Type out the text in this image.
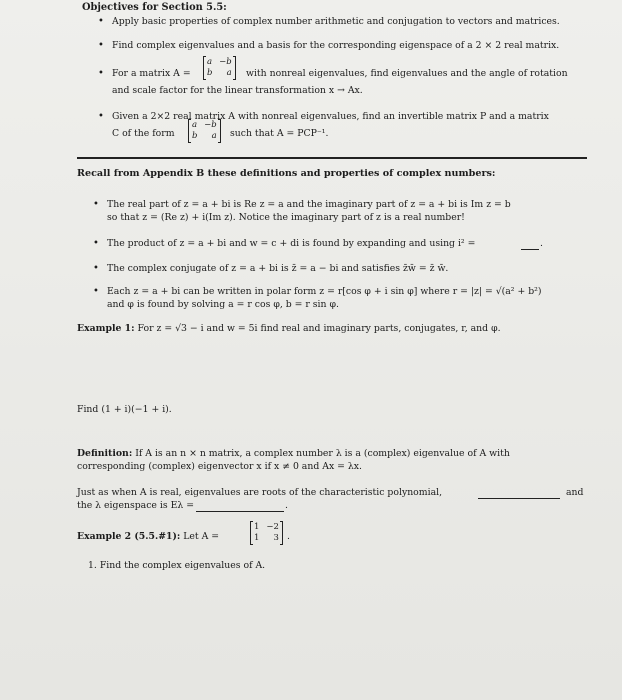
Objectives for Section 5.5:
• Apply basic properties of complex number arithmetic and conjugation to vectors and matrices.
• Find complex eigenvalues and a basis for the corresponding eigenspace of a 2 × 2 real matrix.
• For a matrix A =
a −b
b a with nonreal eigenvalues, find eigenvalues and the angle of rotation
and scale factor for the linear transformation x → Ax.
• Given a 2×2 real matrix A with nonreal eigenvalues, find an invertible matrix P and a matrix
C of the form
a −b
b a such that A = PCP⁻¹.
Recall from Appendix B these definitions and properties of complex numbers:
• The real part of z = a + bi is Re z = a and the imaginary part of z = a + bi is Im z = b
so that z = (Re z) + i(Im z). Notice the imaginary part of z is a real number!
• The product of z = a + bi and w = c + di is found by expanding and using i² =	.
• The complex conjugate of z = a + bi is z̄ = a − bi and satisfies z̄w̄ = z̄ w̄.
• Each z = a + bi can be written in polar form z = r[cos φ + i sin φ] where r = |z| = √(a² + b²)
and φ is found by solving a = r cos φ, b = r sin φ.
Example 1: For z = √3 − i and w = 5i find real and imaginary parts, conjugates, r, and φ.
Find (1 + i)(−1 + i).
Definition: If A is an n × n matrix, a complex number λ is a (complex) eigenvalue of A with
corresponding (complex) eigenvector x if x ≠ 0 and Ax = λx.
Just as when A is real, eigenvalues are roots of the characteristic polynomial,	and
the λ eigenspace is Eλ =	.
Example 2 (5.5.#1): Let A =
1 −2
1 3 .
1. Find the complex eigenvalues of A.
